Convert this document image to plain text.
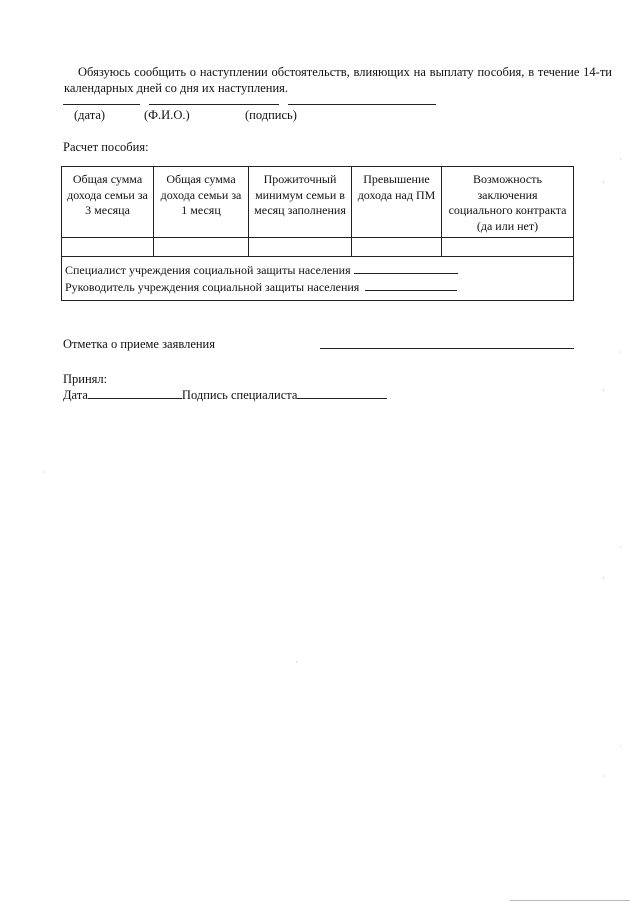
Обязуюсь сообщить о наступлении обстоятельств, влияющих на выплату пособия, в течение 14-ти календарных дней со дня их наступления.
(дата)	(Ф.И.О.)	(подпись)
Расчет пособия:
Общая сумма дохода семьи за 3 месяца	Общая сумма дохода семьи за 1 месяц	Прожиточный минимум семьи в месяц заполнения	Превышение дохода над ПМ	Возможность заключения социального контракта (да или нет)

Специалист учреждения социальной защиты населения
Руководитель учреждения социальной защиты населения				
Отметка о приеме заявления
Принял:
Дата	Подпись специалиста
˙
·
˙
·
˙
·
˙
·
·
·
